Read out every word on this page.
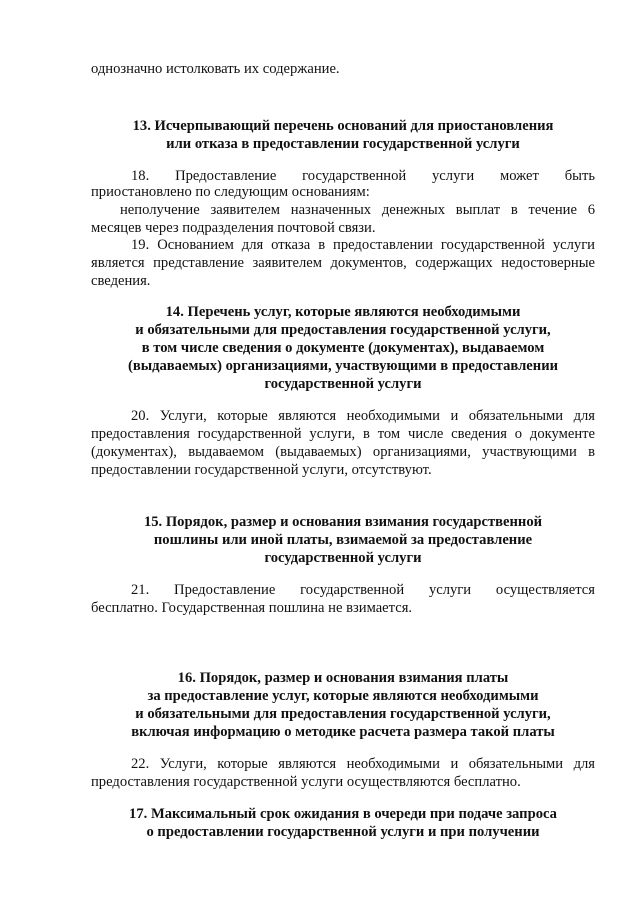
однозначно истолковать их содержание.
13. Исчерпывающий перечень оснований для приостановления
или отказа в предоставлении государственной услуги
18. Предоставление государственной услуги может быть
приостановлено по следующим основаниям:
неполучение заявителем назначенных денежных выплат в течение 6
месяцев через подразделения почтовой связи.
19. Основанием для отказа в предоставлении государственной услуги
является представление заявителем документов, содержащих недостоверные
сведения.
14. Перечень услуг, которые являются необходимыми
и обязательными для предоставления государственной услуги,
в том числе сведения о документе (документах), выдаваемом
(выдаваемых) организациями, участвующими в предоставлении
государственной услуги
20. Услуги, которые являются необходимыми и обязательными для
предоставления государственной услуги, в том числе сведения о документе
(документах), выдаваемом (выдаваемых) организациями, участвующими в
предоставлении государственной услуги, отсутствуют.
15. Порядок, размер и основания взимания государственной
пошлины или иной платы, взимаемой за предоставление
государственной услуги
21. Предоставление государственной услуги осуществляется
бесплатно. Государственная пошлина не взимается.
16. Порядок, размер и основания взимания платы
за предоставление услуг, которые являются необходимыми
и обязательными для предоставления государственной услуги,
включая информацию о методике расчета размера такой платы
22. Услуги, которые являются необходимыми и обязательными для
предоставления государственной услуги осуществляются бесплатно.
17. Максимальный срок ожидания в очереди при подаче запроса
о предоставлении государственной услуги и при получении
